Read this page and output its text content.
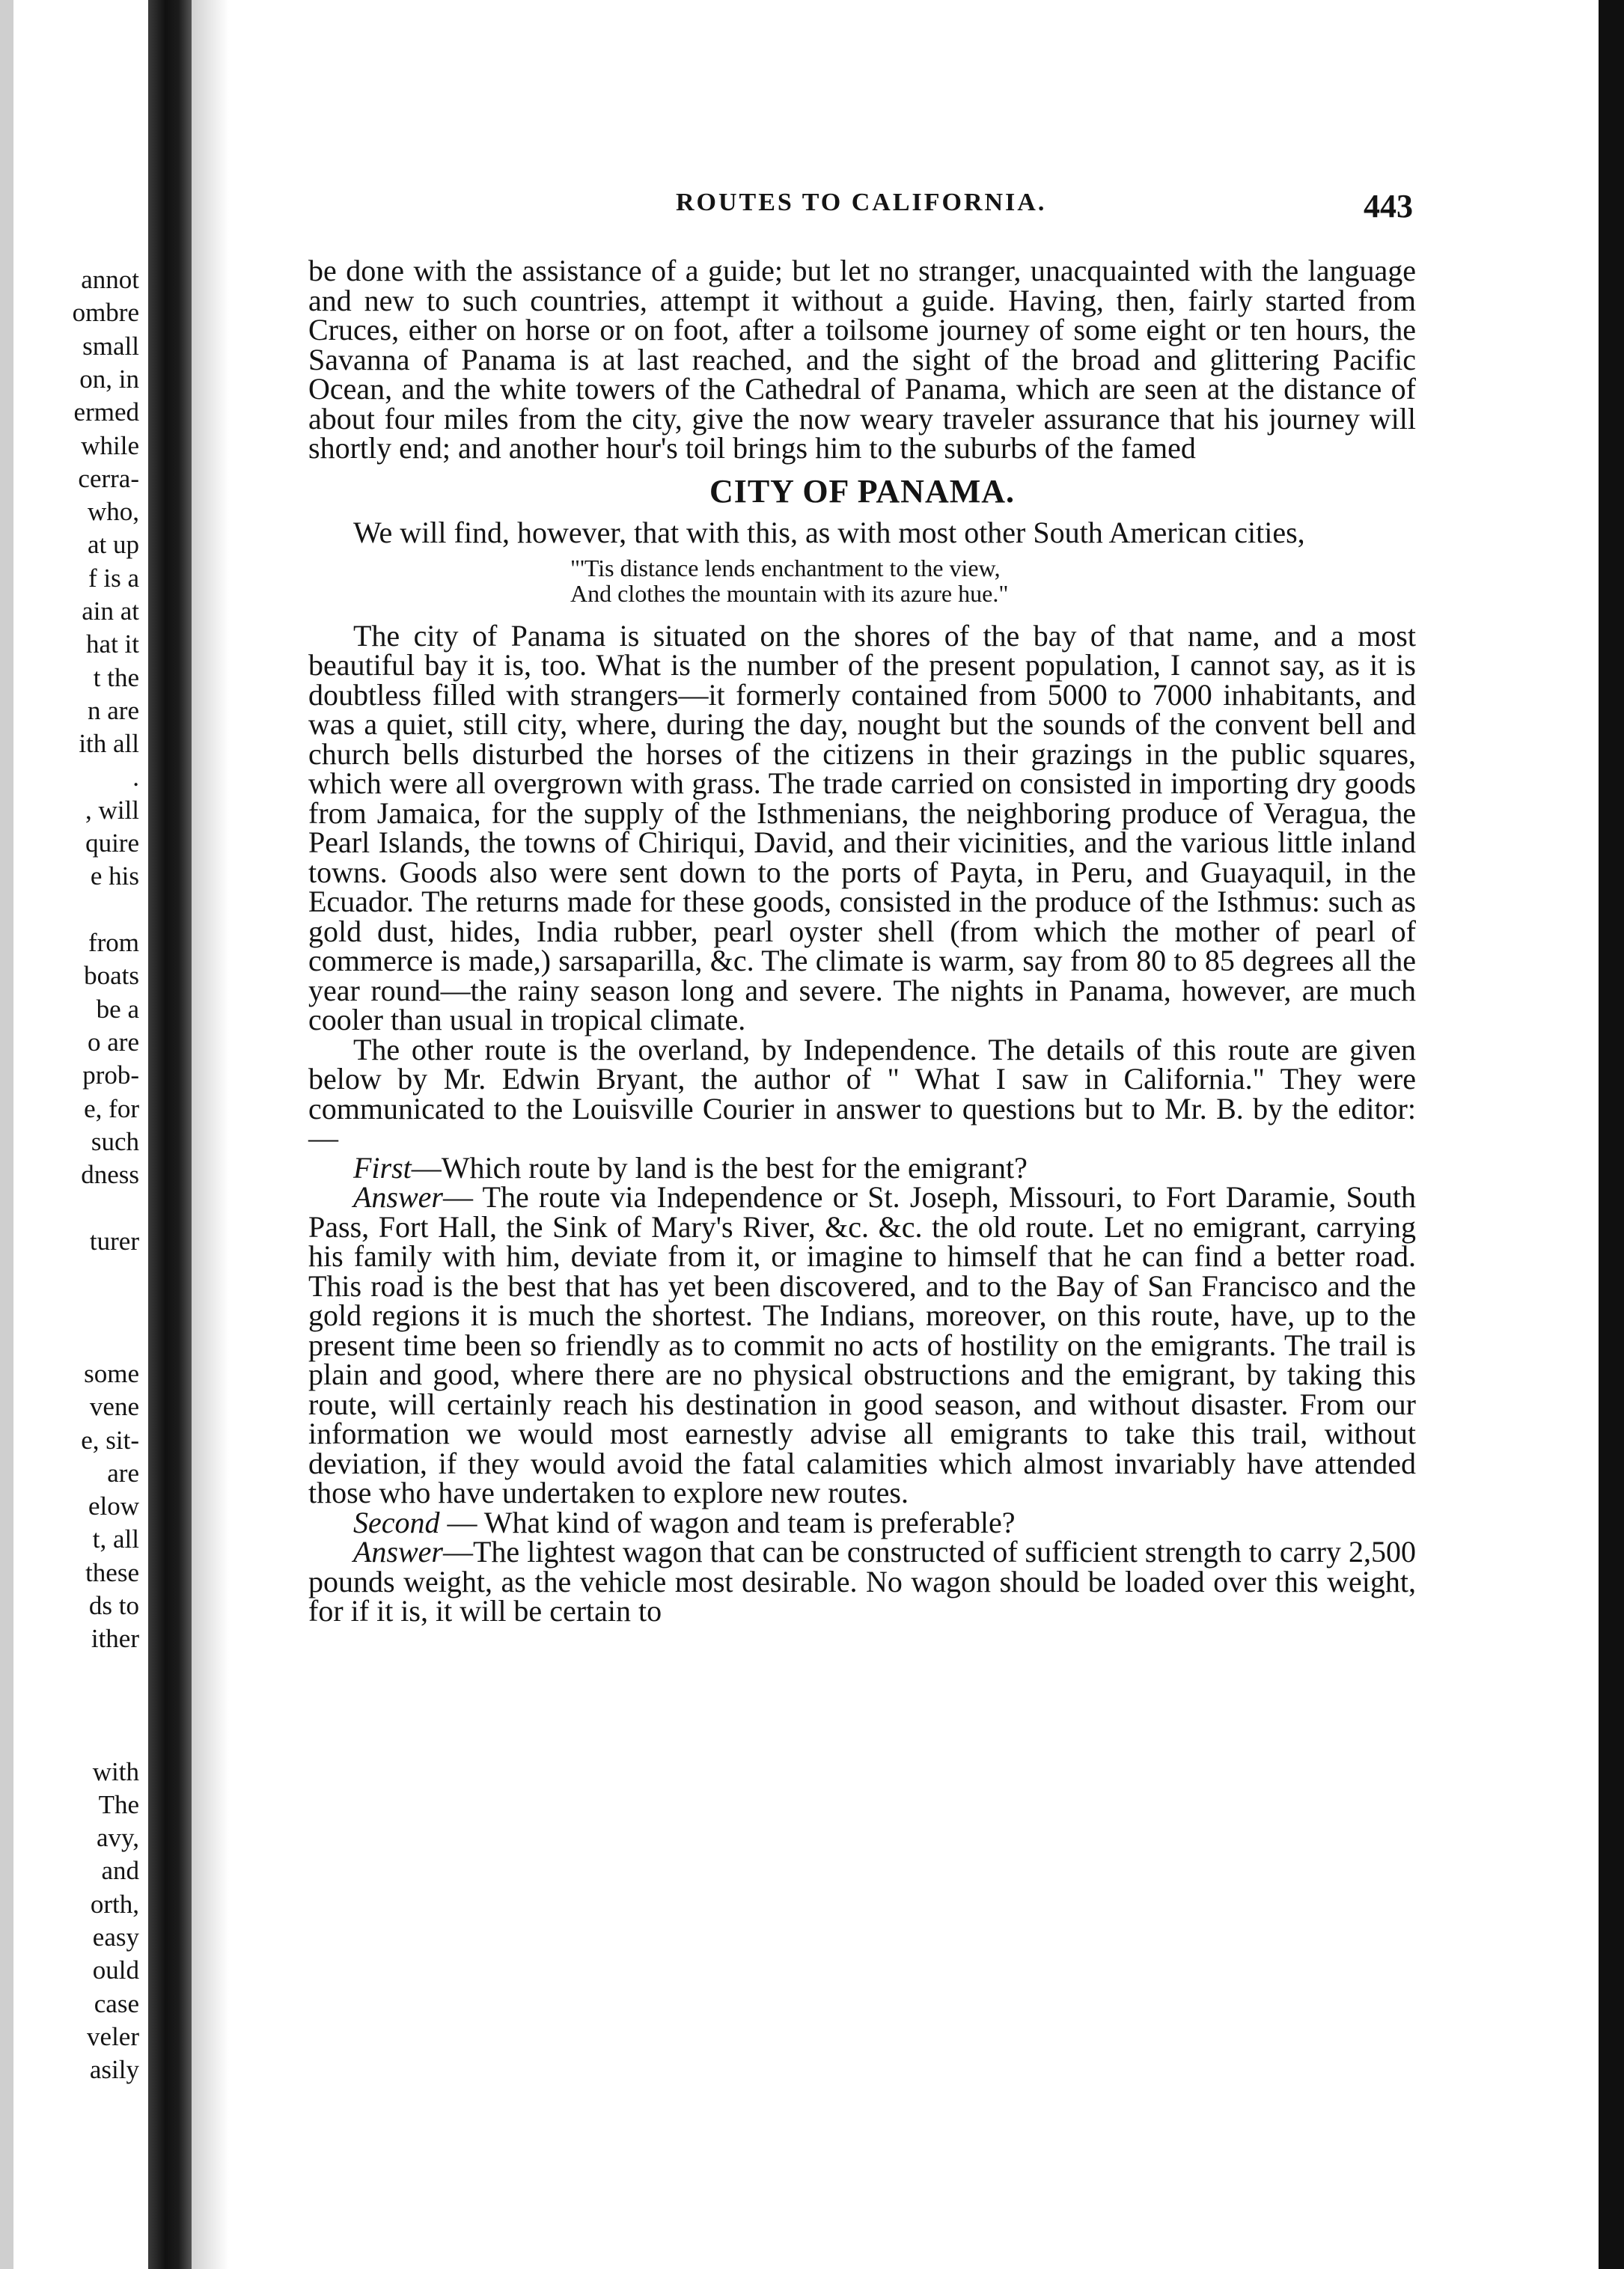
annot
ombre
small
on, in
ermed
while
cerra-
who,
at up
f is a
ain at
hat it
t the
n are
ith all
.
, will
quire
e his
from
boats
be a
o are
prob-
e, for
such
dness
turer
some
vene
e, sit-
are
elow
t, all
these
ds to
ither
with
The
avy,
and
orth,
easy
ould
case
veler
asily
ROUTES TO CALIFORNIA.	443

be done with the assistance of a guide; but let no stranger, unacquainted with the language and new to such countries, attempt it without a guide. Having, then, fairly started from Cruces, either on horse or on foot, after a toilsome journey of some eight or ten hours, the Savanna of Panama is at last reached, and the sight of the broad and glittering Pacific Ocean, and the white towers of the Cathedral of Panama, which are seen at the distance of about four miles from the city, give the now weary traveler assurance that his journey will shortly end; and another hour's toil brings him to the suburbs of the famed

CITY OF PANAMA.

We will find, however, that with this, as with most other South American cities,

"'Tis distance lends enchantment to the view,
And clothes the mountain with its azure hue."

The city of Panama is situated on the shores of the bay of that name, and a most beautiful bay it is, too. What is the number of the present population, I cannot say, as it is doubtless filled with strangers—it formerly contained from 5000 to 7000 inhabitants, and was a quiet, still city, where, during the day, nought but the sounds of the convent bell and church bells disturbed the horses of the citizens in their grazings in the public squares, which were all overgrown with grass. The trade carried on consisted in importing dry goods from Jamaica, for the supply of the Isthmenians, the neighboring produce of Veragua, the Pearl Islands, the towns of Chiriqui, David, and their vicinities, and the various little inland towns. Goods also were sent down to the ports of Payta, in Peru, and Guayaquil, in the Ecuador. The returns made for these goods, consisted in the produce of the Isthmus: such as gold dust, hides, India rubber, pearl oyster shell (from which the mother of pearl of commerce is made,) sarsaparilla, &c. The climate is warm, say from 80 to 85 degrees all the year round—the rainy season long and severe. The nights in Panama, however, are much cooler than usual in tropical climate.

The other route is the overland, by Independence. The details of this route are given below by Mr. Edwin Bryant, the author of " What I saw in California." They were communicated to the Louisville Courier in answer to questions but to Mr. B. by the editor:—

First—Which route by land is the best for the emigrant?

Answer— The route via Independence or St. Joseph, Missouri, to Fort Daramie, South Pass, Fort Hall, the Sink of Mary's River, &c. &c. the old route. Let no emigrant, carrying his family with him, deviate from it, or imagine to himself that he can find a better road. This road is the best that has yet been discovered, and to the Bay of San Francisco and the gold regions it is much the shortest. The Indians, moreover, on this route, have, up to the present time been so friendly as to commit no acts of hostility on the emigrants. The trail is plain and good, where there are no physical obstructions and the emigrant, by taking this route, will certainly reach his destination in good season, and without disaster. From our information we would most earnestly advise all emigrants to take this trail, without deviation, if they would avoid the fatal calamities which almost invariably have attended those who have undertaken to explore new routes.

Second — What kind of wagon and team is preferable?

Answer—The lightest wagon that can be constructed of sufficient strength to carry 2,500 pounds weight, as the vehicle most desirable. No wagon should be loaded over this weight, for if it is, it will be certain to
